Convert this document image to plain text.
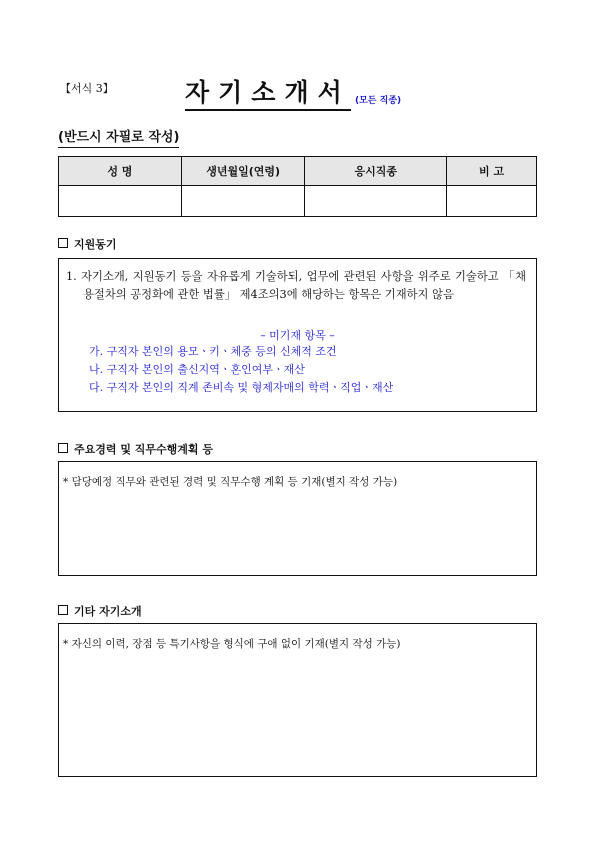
【서식 3】	자기소개서 (모든 직종)
(반드시 자필로 작성)
성 명	생년월일(연령)	응시직종	비 고

지원동기
1. 자기소개, 지원동기 등을 자유롭게 기술하되, 업무에 관련된 사항을 위주로 기술하고 「채용절차의 공정화에 관한 법률」 제4조의3에 해당하는 항목은 기재하지 않음
– 미기재 항목 –
가. 구직자 본인의 용모ㆍ키ㆍ체중 등의 신체적 조건
나. 구직자 본인의 출신지역ㆍ혼인여부ㆍ재산
다. 구직자 본인의 직계 존비속 및 형제자매의 학력ㆍ직업ㆍ재산
주요경력 및 직무수행계획 등
* 담당예정 직무와 관련된 경력 및 직무수행 계획 등 기재(별지 작성 가능)
기타 자기소개
* 자신의 이력, 장점 등 특기사항을 형식에 구애 없이 기재(별지 작성 가능)
